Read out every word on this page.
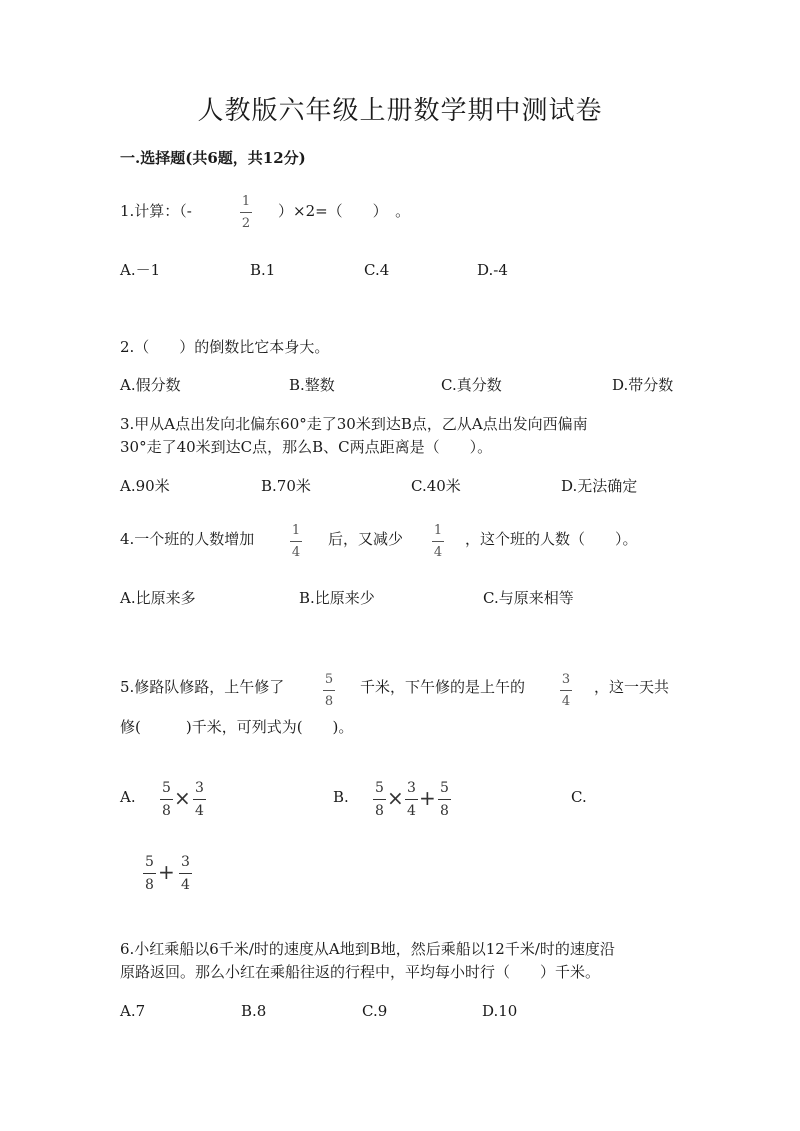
人教版六年级上册数学期中测试卷
一.选择题(共6题，共12分)
1.计算：（-
1
2
）×2=（　　）　。
A.－1	B.1	C.4	D.-4
2.（　　）的倒数比它本身大。
A.假分数	B.整数	C.真分数	D.带分数
3.甲从A点出发向北偏东60°走了30米到达B点，乙从A点出发向西偏南
30°走了40米到达C点，那么B、C两点距离是（　　）。
A.90米	B.70米	C.40米	D.无法确定
4.一个班的人数增加	1
4
后，又减少 1
4
，这个班的人数（　　）。
A.比原来多	B.比原来少	C.与原来相等
5.修路队修路，上午修了	5
8
千米，下午修的是上午的	3
4
，这一天共
修(　　　)千米，可列式为(　　)。
A. 5
8
× 3
4
B. 5
8
× 3
4
+ 5
8
C.
5
8
+ 3
4
6.小红乘船以6千米/时的速度从A地到B地，然后乘船以12千米/时的速度沿
原路返回。那么小红在乘船往返的行程中，平均每小时行（　　）千米。
A.7	B.8	C.9	D.10
